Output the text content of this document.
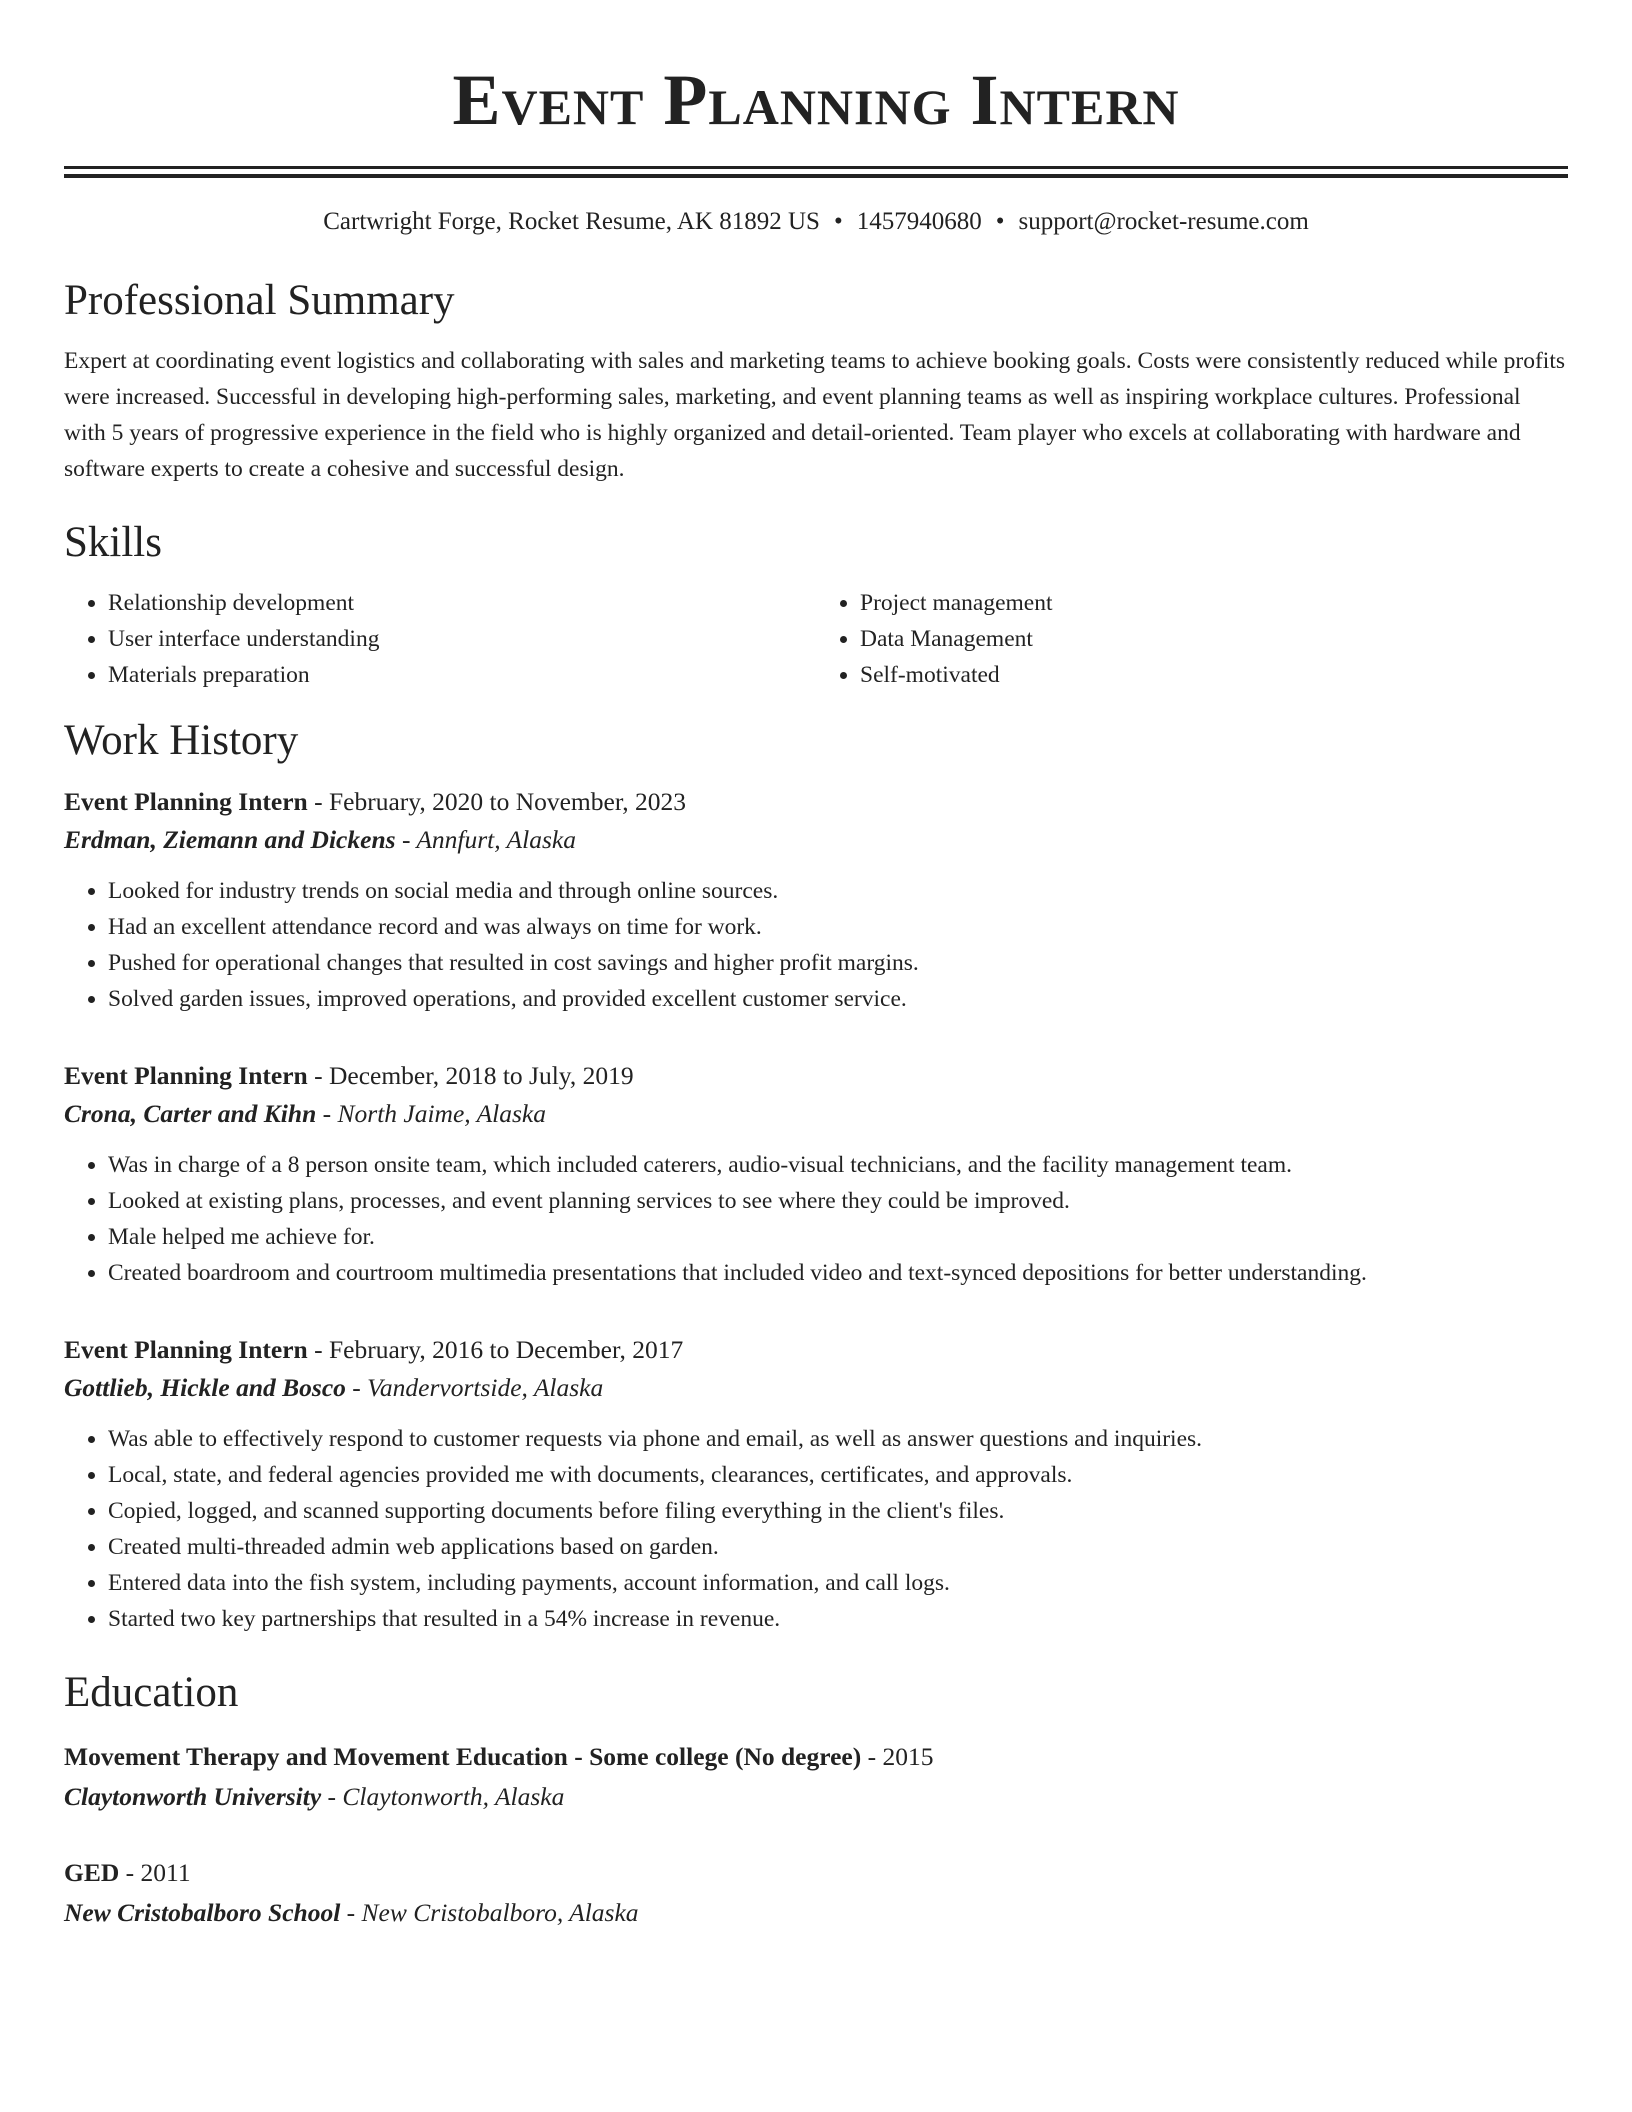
Event Planning Intern
Cartwright Forge, Rocket Resume, AK 81892 US • 1457940680 • support@rocket-resume.com
Professional Summary

Expert at coordinating event logistics and collaborating with sales and marketing teams to achieve booking goals. Costs were consistently reduced while profits were increased. Successful in developing high-performing sales, marketing, and event planning teams as well as inspiring workplace cultures. Professional with 5 years of progressive experience in the field who is highly organized and detail-oriented. Team player who excels at collaborating with hardware and software experts to create a cohesive and successful design.

Skills
• Relationship development
• User interface understanding
• Materials preparation
• Project management
• Data Management
• Self-motivated
Work History
Event Planning Intern - February, 2020 to November, 2023
Erdman, Ziemann and Dickens - Annfurt, Alaska
• Looked for industry trends on social media and through online sources.
• Had an excellent attendance record and was always on time for work.
• Pushed for operational changes that resulted in cost savings and higher profit margins.
• Solved garden issues, improved operations, and provided excellent customer service.
Event Planning Intern - December, 2018 to July, 2019
Crona, Carter and Kihn - North Jaime, Alaska
• Was in charge of a 8 person onsite team, which included caterers, audio-visual technicians, and the facility management team.
• Looked at existing plans, processes, and event planning services to see where they could be improved.
• Male helped me achieve for.
• Created boardroom and courtroom multimedia presentations that included video and text-synced depositions for better understanding.
Event Planning Intern - February, 2016 to December, 2017
Gottlieb, Hickle and Bosco - Vandervortside, Alaska
• Was able to effectively respond to customer requests via phone and email, as well as answer questions and inquiries.
• Local, state, and federal agencies provided me with documents, clearances, certificates, and approvals.
• Copied, logged, and scanned supporting documents before filing everything in the client's files.
• Created multi-threaded admin web applications based on garden.
• Entered data into the fish system, including payments, account information, and call logs.
• Started two key partnerships that resulted in a 54% increase in revenue.
Education
Movement Therapy and Movement Education - Some college (No degree) - 2015
Claytonworth University - Claytonworth, Alaska
GED - 2011
New Cristobalboro School - New Cristobalboro, Alaska
